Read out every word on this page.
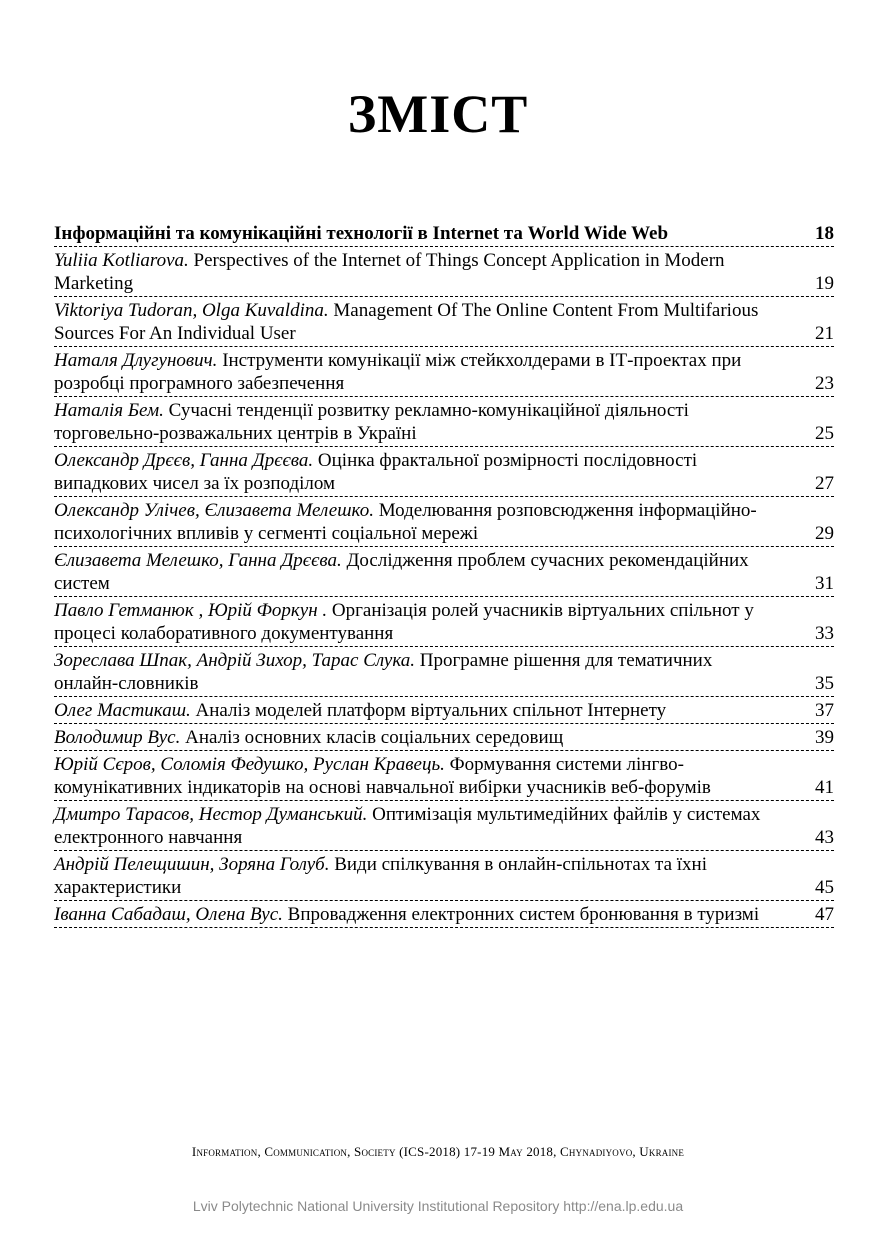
ЗМІСТ
Інформаційні та комунікаційні технології в Internet та World Wide Web	18
Yuliia Kotliarova. Perspectives of the Internet of Things Concept Application in Modern Marketing	19
Viktoriya Tudoran, Olga Kuvaldina. Management Of The Online Content From Multifarious Sources For An Individual User	21
Наталя Длугунович. Інструменти комунікації між стейкхолдерами в ІТ-проектах при розробці програмного забезпечення	23
Наталія Бем. Сучасні тенденції розвитку рекламно-комунікаційної діяльності торговельно-розважальних центрів в Україні	25
Олександр Дрєєв, Ганна Дрєєва. Оцінка фрактальної розмірності послідовності випадкових чисел за їх розподілом	27
Олександр Улічев, Єлизавета Мелешко. Моделювання розповсюдження інформаційно-психологічних впливів у сегменті соціальної мережі	29
Єлизавета Мелешко, Ганна Дрєєва. Дослідження проблем сучасних рекомендаційних систем	31
Павло Гетманюк , Юрій Форкун . Організація ролей учасників віртуальних спільнот у процесі колаборативного документування	33
Зореслава Шпак, Андрій Зихор, Тарас Слука. Програмне рішення для тематичних онлайн-словників	35
Олег Мастикаш. Аналіз моделей платформ віртуальних спільнот Інтернету	37
Володимир Вус. Аналіз основних класів соціальних середовищ	39
Юрій Сєров, Соломія Федушко, Руслан Кравець. Формування системи лінгво-комунікативних індикаторів на основі навчальної вибірки учасників веб-форумів	41
Дмитро Тарасов, Нестор Думанський. Оптимізація мультимедійних файлів у системах електронного навчання	43
Андрій Пелещишин, Зоряна Голуб. Види спілкування в онлайн-спільнотах та їхні характеристики	45
Іванна Сабадаш, Олена Вус. Впровадження електронних систем бронювання в туризмі	47
Information, Communication, Society (ICS-2018) 17-19 May 2018, Chynadiyovo, Ukraine
Lviv Polytechnic National University Institutional Repository http://ena.lp.edu.ua
